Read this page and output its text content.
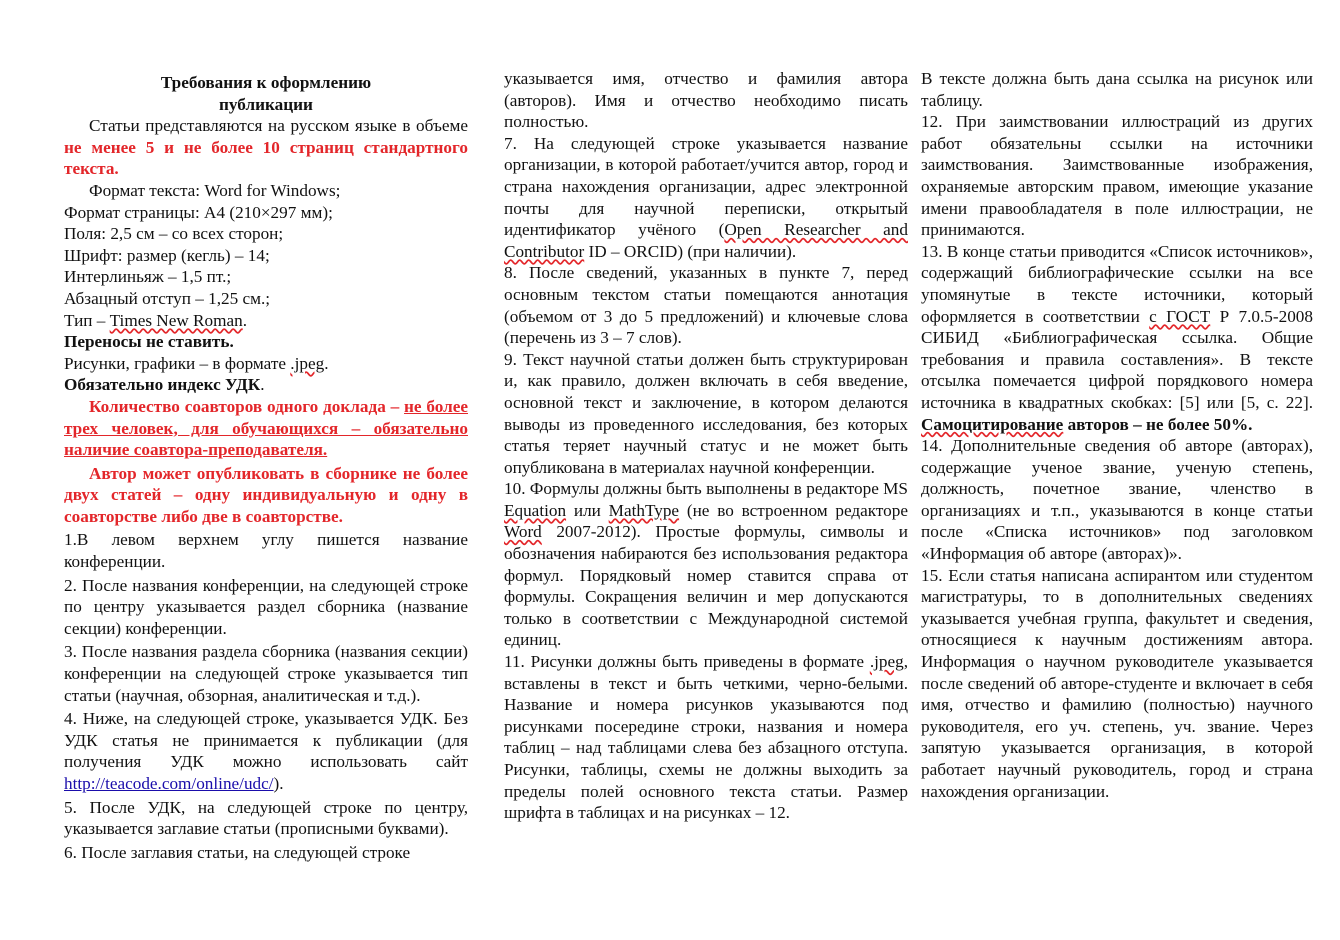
Требования к оформлению
публикации

Статьи представляются на русском языке в объеме не менее 5 и не более 10 страниц стандартного текста.

Формат текста: Word for Windows;

Формат страницы: А4 (210×297 мм);

Поля: 2,5 см – со всех сторон;

Шрифт: размер (кегль) – 14;

Интерлиньяж – 1,5 пт.;

Абзацный отступ – 1,25 см.;

Тип – Times New Roman.

Переносы не ставить.

Рисунки, графики – в формате .jpeg.

Обязательно индекс УДК.

Количество соавторов одного доклада – не более трех человек, для обучающихся – обязательно наличие соавтора-преподавателя.

Автор может опубликовать в сборнике не более двух статей – одну индивидуальную и одну в соавторстве либо две в соавторстве.

1.В левом верхнем углу пишется название конференции.

2. После названия конференции, на следующей строке по центру указывается раздел сборника (название секции) конференции.

3. После названия раздела сборника (названия секции) конференции на следующей строке указывается тип статьи (научная, обзорная, аналитическая и т.д.).

4. Ниже, на следующей строке, указывается УДК. Без УДК статья не принимается к публикации (для получения УДК можно использовать сайт http://teacode.com/online/udc/).

5. После УДК, на следующей строке по центру, указывается заглавие статьи (прописными буквами).

6. После заглавия статьи, на следующей строке

указывается имя, отчество и фамилия автора (авторов). Имя и отчество необходимо писать полностью.

7. На следующей строке указывается название организации, в которой работает/учится автор, город и страна нахождения организации, адрес электронной почты для научной переписки, открытый идентификатор учёного (Open Researcher and Contributor ID – ORCID) (при наличии).

8. После сведений, указанных в пункте 7, перед основным текстом статьи помещаются аннотация (объемом от 3 до 5 предложений) и ключевые слова (перечень из 3 – 7 слов).

9. Текст научной статьи должен быть структурирован и, как правило, должен включать в себя введение, основной текст и заключение, в котором делаются выводы из проведенного исследования, без которых статья теряет научный статус и не может быть опубликована в материалах научной конференции.

10. Формулы должны быть выполнены в редакторе MS Equation или MathType (не во встроенном редакторе Word 2007-2012). Простые формулы, символы и обозначения набираются без использования редактора формул. Порядковый номер ставится справа от формулы. Сокращения величин и мер допускаются только в соответствии с Международной системой единиц.

11. Рисунки должны быть приведены в формате .jpeg, вставлены в текст и быть четкими, черно-белыми. Название и номера рисунков указываются под рисунками посередине строки, названия и номера таблиц – над таблицами слева без абзацного отступа. Рисунки, таблицы, схемы не должны выходить за пределы полей основного текста статьи. Размер шрифта в таблицах и на рисунках – 12.

В тексте должна быть дана ссылка на рисунок или таблицу.

12. При заимствовании иллюстраций из других работ обязательны ссылки на источники заимствования. Заимствованные изображения, охраняемые авторским правом, имеющие указание имени правообладателя в поле иллюстрации, не принимаются.

13. В конце статьи приводится «Список источников», содержащий библиографические ссылки на все упомянутые в тексте источники, который оформляется в соответствии с ГОСТ Р 7.0.5-2008 СИБИД «Библиографическая ссылка. Общие требования и правила составления». В тексте отсылка помечается цифрой порядкового номера источника в квадратных скобках: [5] или [5, с. 22]. Самоцитирование авторов – не более 50%.

14. Дополнительные сведения об авторе (авторах), содержащие ученое звание, ученую степень, должность, почетное звание, членство в организациях и т.п., указываются в конце статьи после «Списка источников» под заголовком «Информация об авторе (авторах)».

15. Если статья написана аспирантом или студентом магистратуры, то в дополнительных сведениях указывается учебная группа, факультет и сведения, относящиеся к научным достижениям автора. Информация о научном руководителе указывается после сведений об авторе-студенте и включает в себя имя, отчество и фамилию (полностью) научного руководителя, его уч. степень, уч. звание. Через запятую указывается организация, в которой работает научный руководитель, город и страна нахождения организации.
